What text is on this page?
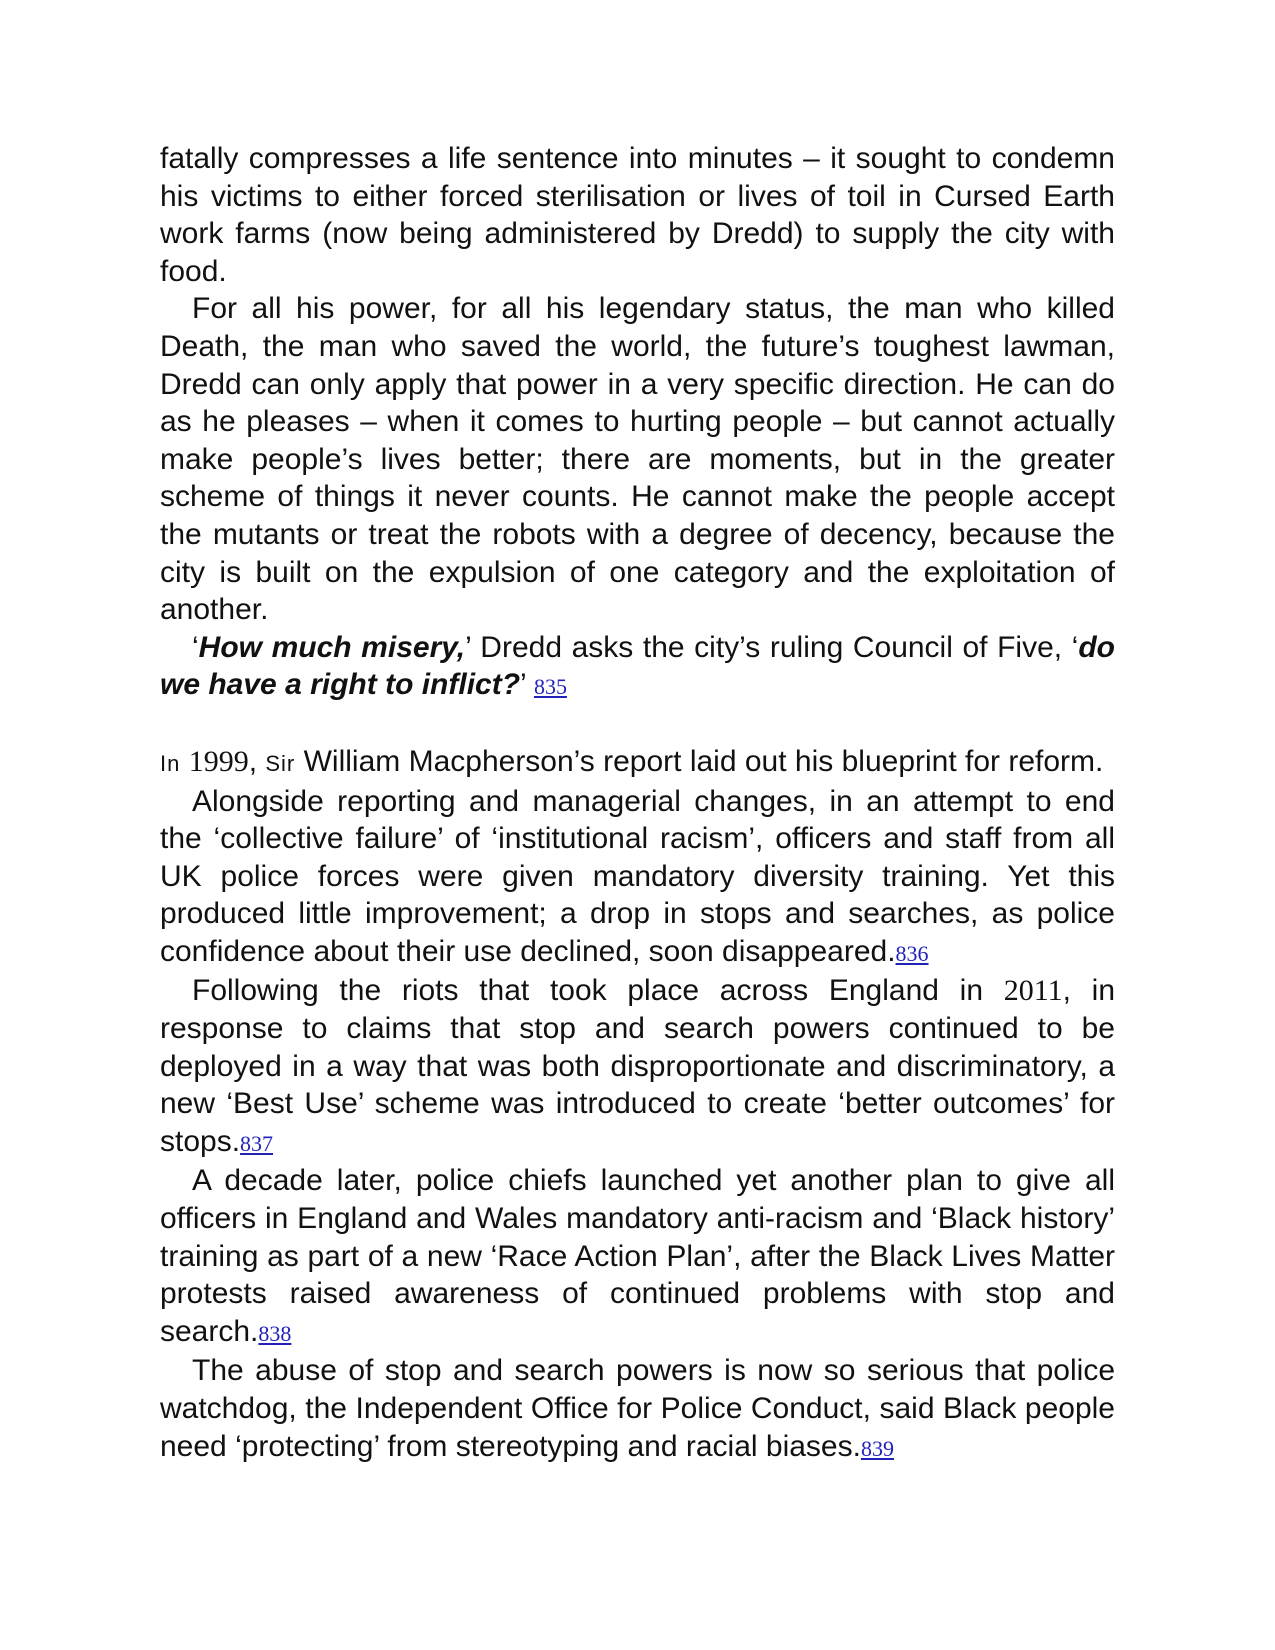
fatally compresses a life sentence into minutes – it sought to condemn his victims to either forced sterilisation or lives of toil in Cursed Earth work farms (now being administered by Dredd) to supply the city with food.

For all his power, for all his legendary status, the man who killed Death, the man who saved the world, the future’s toughest lawman, Dredd can only apply that power in a very specific direction. He can do as he pleases – when it comes to hurting people – but cannot actually make people’s lives better; there are moments, but in the greater scheme of things it never counts. He cannot make the people accept the mutants or treat the robots with a degree of decency, because the city is built on the expulsion of one category and the exploitation of another.

‘How much misery,’ Dredd asks the city’s ruling Council of Five, ‘do we have a right to inflict?’ 835

In 1999, Sir William Macpherson’s report laid out his blueprint for reform.

Alongside reporting and managerial changes, in an attempt to end the ‘collective failure’ of ‘institutional racism’, officers and staff from all UK police forces were given mandatory diversity training. Yet this produced little improvement; a drop in stops and searches, as police confidence about their use declined, soon disappeared.836

Following the riots that took place across England in 2011, in response to claims that stop and search powers continued to be deployed in a way that was both disproportionate and discriminatory, a new ‘Best Use’ scheme was introduced to create ‘better outcomes’ for stops.837

A decade later, police chiefs launched yet another plan to give all officers in England and Wales mandatory anti-racism and ‘Black history’ training as part of a new ‘Race Action Plan’, after the Black Lives Matter protests raised awareness of continued problems with stop and search.838

The abuse of stop and search powers is now so serious that police watchdog, the Independent Office for Police Conduct, said Black people need ‘protecting’ from stereotyping and racial biases.839
